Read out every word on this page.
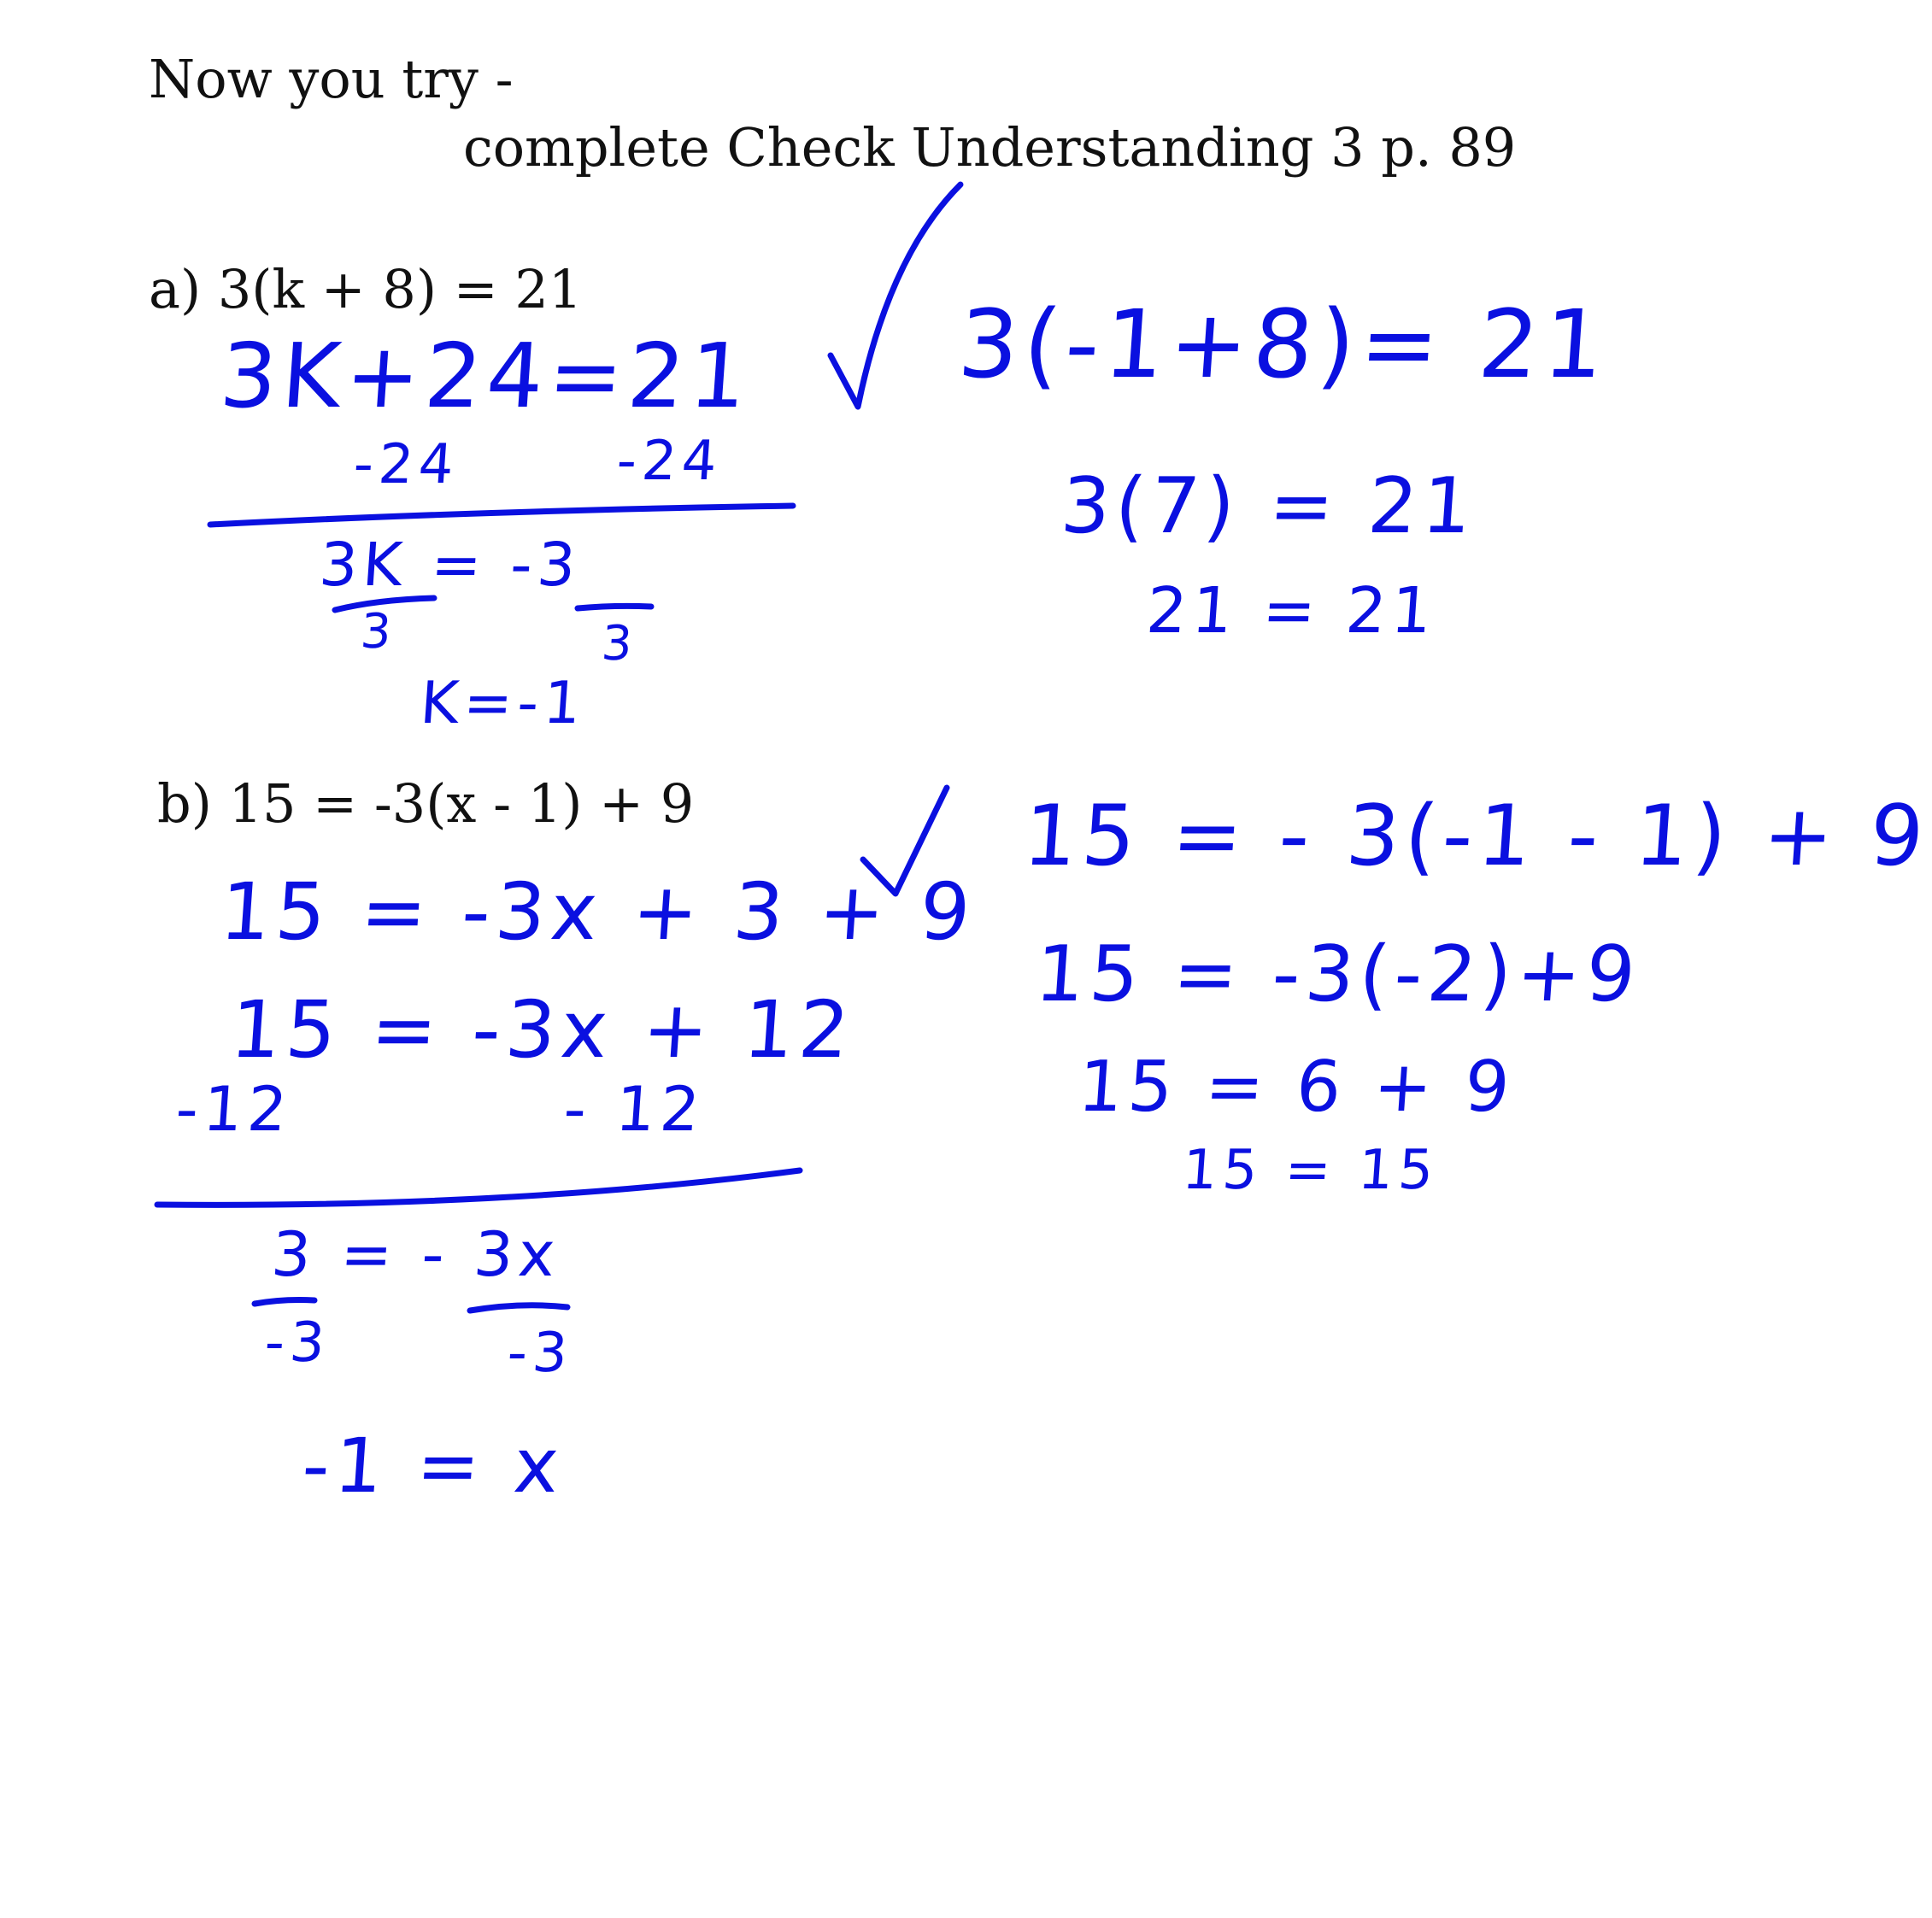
Now you try -
complete Check Understanding 3 p. 89
a) 3(k + 8) = 21
b) 15 = -3(x - 1) + 9
3K+24=21
-24	-24
3K = -3
3	3
K=-1
3(-1+8)= 21
3(7) = 21
21 = 21
15 = -3x + 3 + 9
15 = -3x + 12
-12	- 12
3 = - 3x
-3	-3
-1 = x
15 = - 3(-1 - 1) + 9
15 = -3(-2)+9
15 = 6 + 9
15 = 15
